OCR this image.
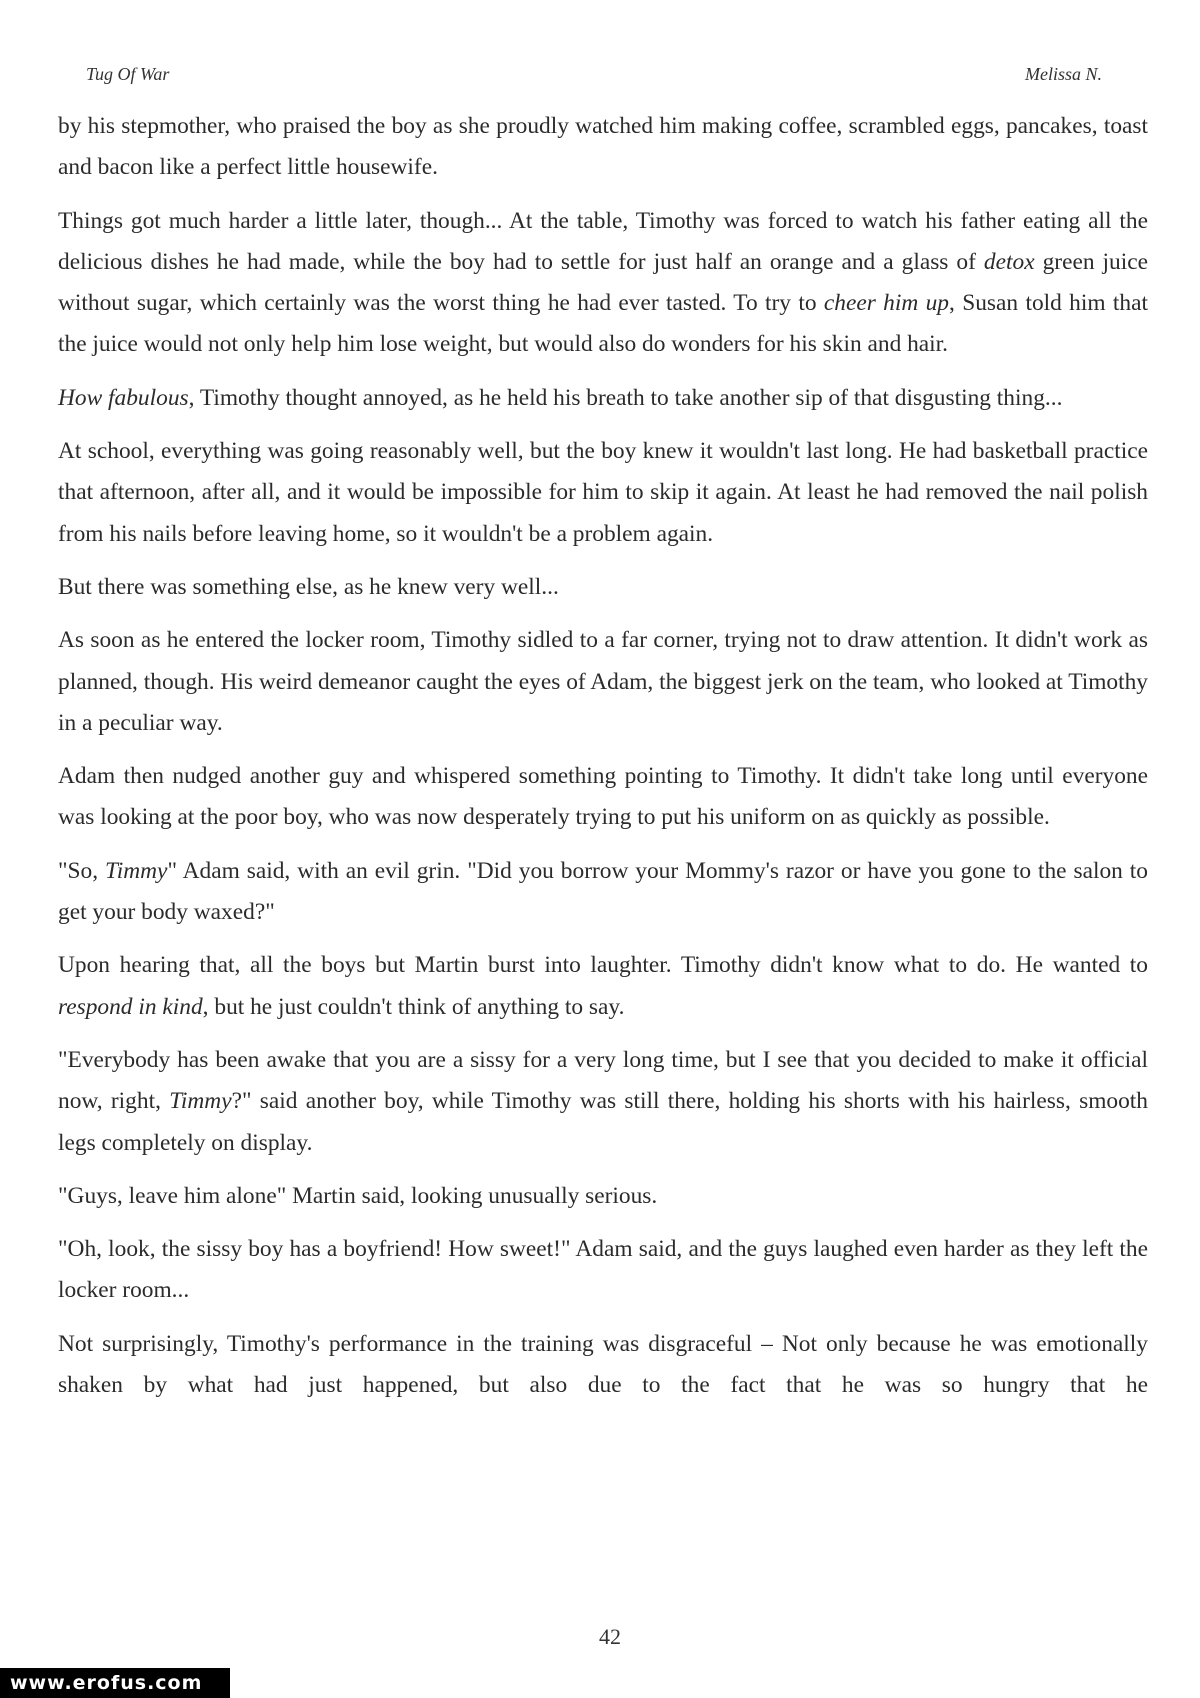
Tug Of War	Melissa N.

by his stepmother, who praised the boy as she proudly watched him making coffee, scrambled eggs, pancakes, toast and bacon like a perfect little housewife.

Things got much harder a little later, though... At the table, Timothy was forced to watch his father eating all the delicious dishes he had made, while the boy had to settle for just half an orange and a glass of detox green juice without sugar, which certainly was the worst thing he had ever tasted. To try to cheer him up, Susan told him that the juice would not only help him lose weight, but would also do wonders for his skin and hair.

How fabulous, Timothy thought annoyed, as he held his breath to take another sip of that disgusting thing...

At school, everything was going reasonably well, but the boy knew it wouldn't last long. He had basketball practice that afternoon, after all, and it would be impossible for him to skip it again. At least he had removed the nail polish from his nails before leaving home, so it wouldn't be a problem again.

But there was something else, as he knew very well...

As soon as he entered the locker room, Timothy sidled to a far corner, trying not to draw attention. It didn't work as planned, though. His weird demeanor caught the eyes of Adam, the biggest jerk on the team, who looked at Timothy in a peculiar way.

Adam then nudged another guy and whispered something pointing to Timothy. It didn't take long until everyone was looking at the poor boy, who was now desperately trying to put his uniform on as quickly as possible.

"So, Timmy" Adam said, with an evil grin. "Did you borrow your Mommy's razor or have you gone to the salon to get your body waxed?"

Upon hearing that, all the boys but Martin burst into laughter. Timothy didn't know what to do. He wanted to respond in kind, but he just couldn't think of anything to say.

"Everybody has been awake that you are a sissy for a very long time, but I see that you decided to make it official now, right, Timmy?" said another boy, while Timothy was still there, holding his shorts with his hairless, smooth legs completely on display.

"Guys, leave him alone" Martin said, looking unusually serious.

"Oh, look, the sissy boy has a boyfriend! How sweet!" Adam said, and the guys laughed even harder as they left the locker room...

Not surprisingly, Timothy's performance in the training was disgraceful – Not only because he was emotionally shaken by what had just happened, but also due to the fact that he was so hungry that he

42
www.erofus.com
